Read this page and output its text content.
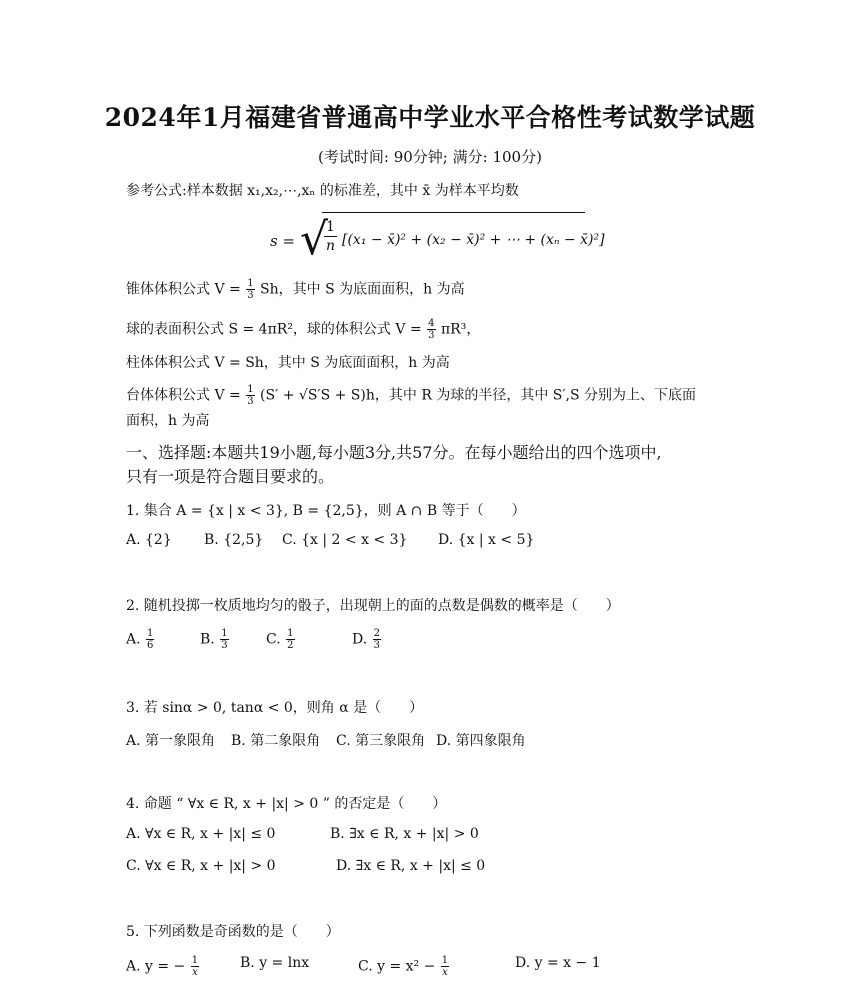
2024年1月福建省普通高中学业水平合格性考试数学试题
(考试时间: 90分钟; 满分: 100分)
参考公式:样本数据 x₁,x₂,⋯,xₙ 的标准差，其中 x̄ 为样本平均数
s = √
$\frac{1}{n} [(x_1$ − x̄)² + (x₂ − x̄)² + ⋯ + (xₙ − x̄)²]
锥体体积公式 $V = \frac{1}{3}$ Sh，其中 S 为底面面积，h 为高
球的表面积公式 S = 4πR²，球的体积公式 $V = \frac{4}{3} \pi R^3$，
柱体体积公式 V = Sh，其中 S 为底面面积，h 为高
台体体积公式 $V = \frac{1}{3} (S' + √S'S + S)h$，其中 R 为球的半径，其中 S′,S 分别为上、下底面
面积，h 为高
一、选择题:本题共19小题,每小题3分,共57分。在每小题给出的四个选项中,
只有一项是符合题目要求的。
1. 集合 A = {x | x < 3}, B = {2,5}，则 A ∩ B 等于（　　）
A. {2} B. {2,5} C. {x | 2 < x < 3} D. {x | x < 5}
2. 随机投掷一枚质地均匀的骰子，出现朝上的面的点数是偶数的概率是（　　）
A. $\frac{1}{6}$	B. $\frac{1}{3}$	C. $\frac{1}{2}$	D. $\frac{2}{3}$
3. 若 sinα > 0, tanα < 0，则角 α 是（　　）
A. 第一象限角 B. 第二象限角 C. 第三象限角 D. 第四象限角
4. 命题 “ ∀x ∈ R, x + |x| > 0 ” 的否定是（　　）
A. ∀x ∈ R, x + |x| ≤ 0	B. ∃x ∈ R, x + |x| > 0
C. ∀x ∈ R, x + |x| > 0	D. ∃x ∈ R, x + |x| ≤ 0
5. 下列函数是奇函数的是（　　）
A. y = − $\frac{1}{x}$	B. y = lnx	C. $y = x^2 - \frac{1}{x}$	D. y = x − 1
